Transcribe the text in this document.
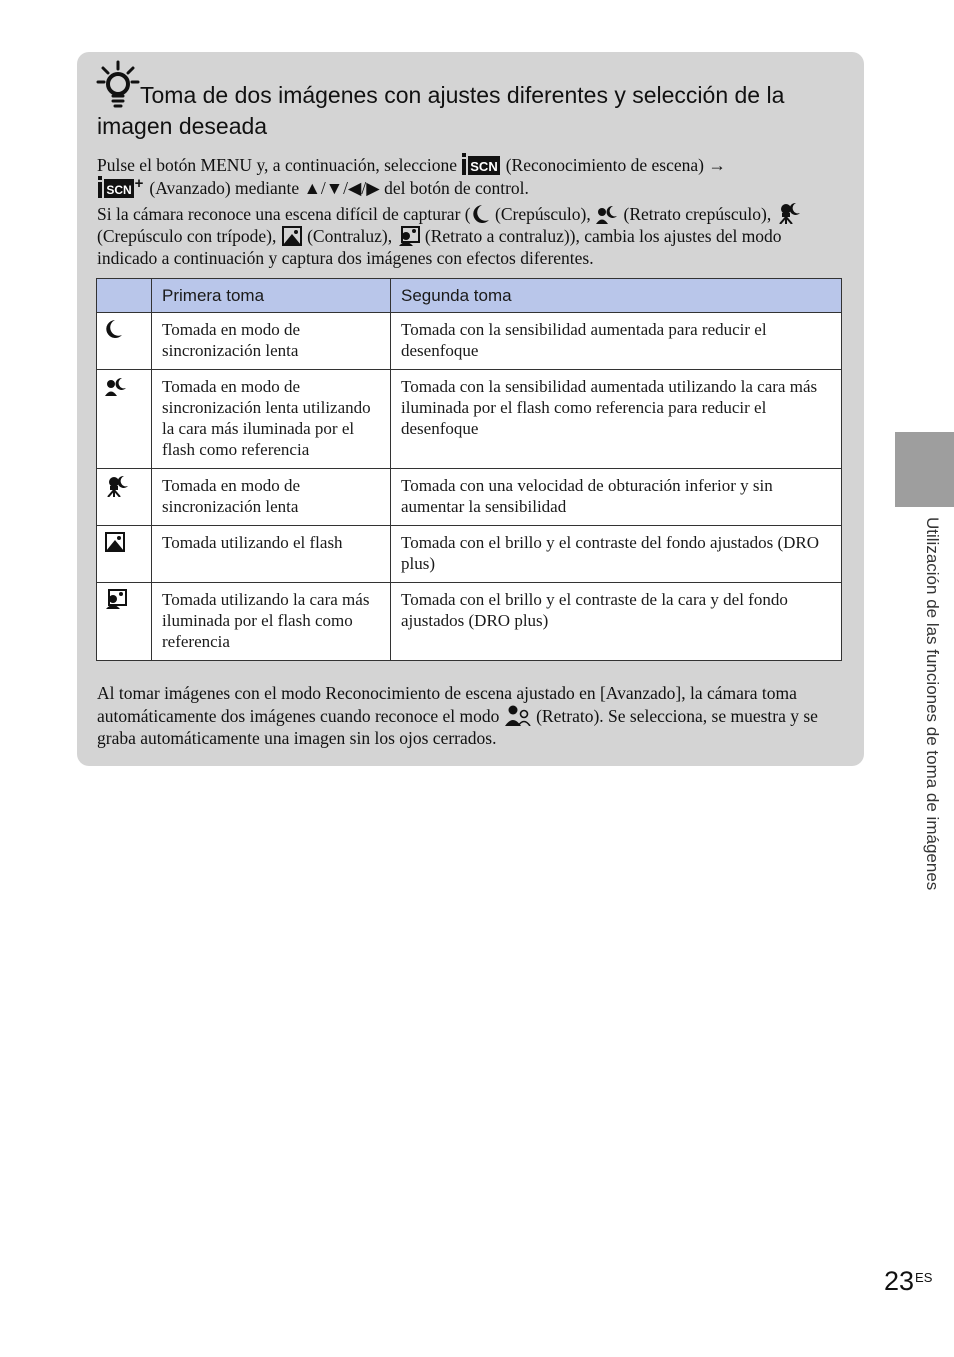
Toma de dos imágenes con ajustes diferentes y selección de la
imagen deseada
Pulse el botón MENU y, a continuación, seleccione SCN (Reconocimiento de escena) →

SCN + (Avanzado) mediante ▲/▼/◀/▶ del botón de control.
Si la cámara reconoce una escena difícil de capturar ( (Crepúsculo), (Retrato crepúsculo),  (Crepúsculo con trípode), (Contraluz), (Retrato a contraluz)), cambia los ajustes del modo indicado a continuación y captura dos imágenes con efectos diferentes.
	Primera toma	Segunda toma
	Tomada en modo de sincronización lenta	Tomada con la sensibilidad aumentada para reducir el desenfoque
	Tomada en modo de sincronización lenta utilizando la cara más iluminada por el flash como referencia	Tomada con la sensibilidad aumentada utilizando la cara más iluminada por el flash como referencia para reducir el desenfoque
	Tomada en modo de sincronización lenta	Tomada con una velocidad de obturación inferior y sin aumentar la sensibilidad
	Tomada utilizando el flash	Tomada con el brillo y el contraste del fondo ajustados (DRO plus)
	Tomada utilizando la cara más iluminada por el flash como referencia	Tomada con el brillo y el contraste de la cara y del fondo ajustados (DRO plus)
Al tomar imágenes con el modo Reconocimiento de escena ajustado en [Avanzado], la cámara toma automáticamente dos imágenes cuando reconoce el modo (Retrato). Se selecciona, se muestra y se graba automáticamente una imagen sin los ojos cerrados.	Utilización de las funciones de toma de imágenes
$23^{ES}$
